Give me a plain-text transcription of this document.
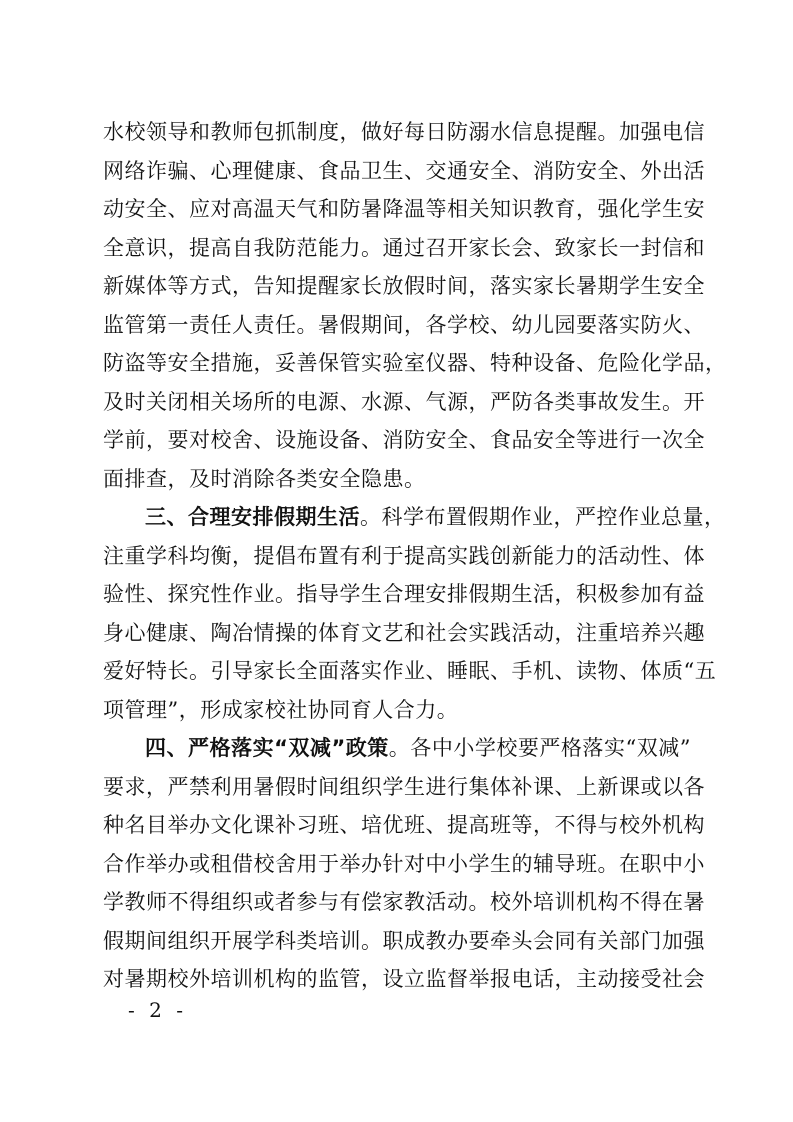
水校领导和教师包抓制度，做好每日防溺水信息提醒。加强电信
网络诈骗、心理健康、食品卫生、交通安全、消防安全、外出活
动安全、应对高温天气和防暑降温等相关知识教育，强化学生安
全意识，提高自我防范能力。通过召开家长会、致家长一封信和
新媒体等方式，告知提醒家长放假时间，落实家长暑期学生安全
监管第一责任人责任。暑假期间，各学校、幼儿园要落实防火、
防盗等安全措施，妥善保管实验室仪器、特种设备、危险化学品，
及时关闭相关场所的电源、水源、气源，严防各类事故发生。开
学前，要对校舍、设施设备、消防安全、食品安全等进行一次全
面排查，及时消除各类安全隐患。
三、合理安排假期生活。科学布置假期作业，严控作业总量，
注重学科均衡，提倡布置有利于提高实践创新能力的活动性、体
验性、探究性作业。指导学生合理安排假期生活，积极参加有益
身心健康、陶冶情操的体育文艺和社会实践活动，注重培养兴趣
爱好特长。引导家长全面落实作业、睡眠、手机、读物、体质“五
项管理”，形成家校社协同育人合力。
四、严格落实“双减”政策。各中小学校要严格落实“双减”
要求，严禁利用暑假时间组织学生进行集体补课、上新课或以各
种名目举办文化课补习班、培优班、提高班等，不得与校外机构
合作举办或租借校舍用于举办针对中小学生的辅导班。在职中小
学教师不得组织或者参与有偿家教活动。校外培训机构不得在暑
假期间组织开展学科类培训。职成教办要牵头会同有关部门加强
对暑期校外培训机构的监管，设立监督举报电话，主动接受社会
- 2 -
